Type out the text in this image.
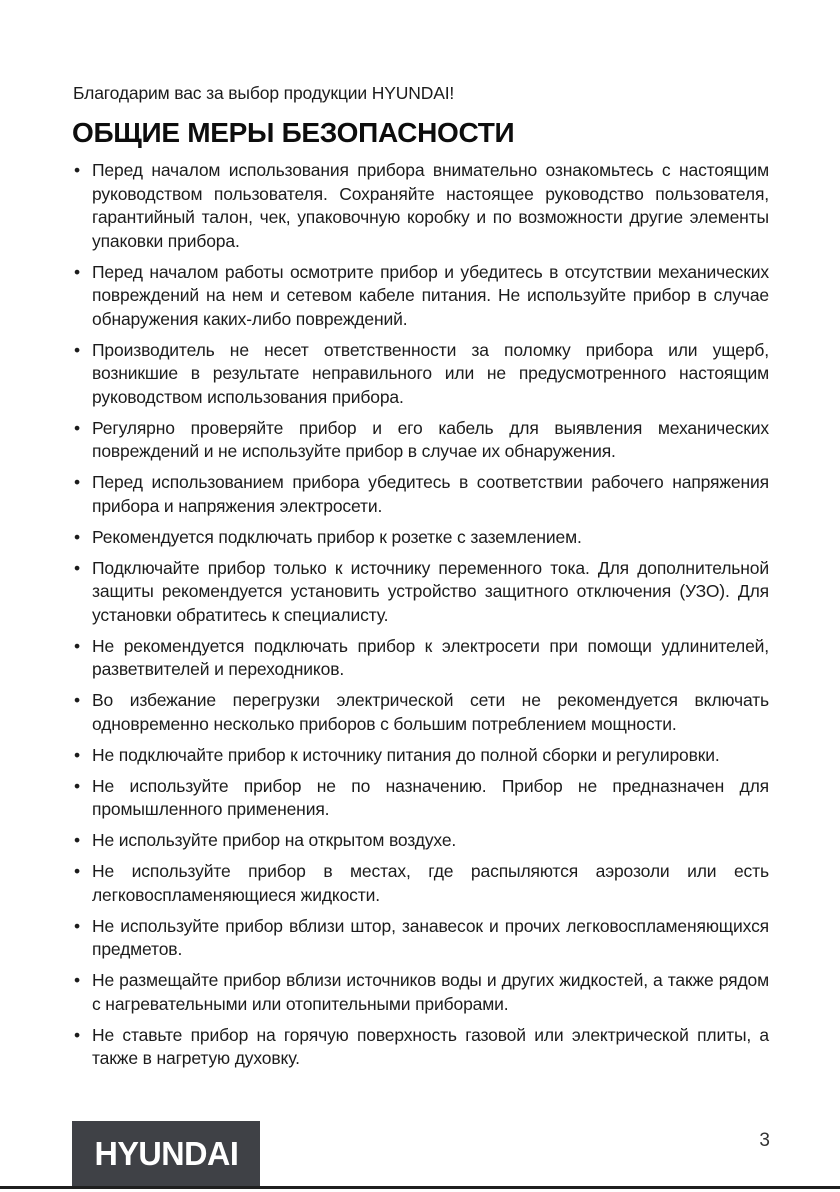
Благодарим вас за выбор продукции HYUNDAI!

ОБЩИЕ МЕРЫ БЕЗОПАСНОСТИ
• Перед началом использования прибора внимательно ознакомьтесь с настоящим руководством пользователя. Сохраняйте настоящее руководство пользователя, гарантийный талон, чек, упаковочную коробку и по возможности другие элементы упаковки прибора.
• Перед началом работы осмотрите прибор и убедитесь в отсутствии механических повреждений на нем и сетевом кабеле питания. Не используйте прибор в случае обнаружения каких-либо повреждений.
• Производитель не несет ответственности за поломку прибора или ущерб, возникшие в результате неправильного или не предусмотренного настоящим руководством использования прибора.
• Регулярно проверяйте прибор и его кабель для выявления механических повреждений и не используйте прибор в случае их обнаружения.
• Перед использованием прибора убедитесь в соответствии рабочего напряжения прибора и напряжения электросети.
• Рекомендуется подключать прибор к розетке с заземлением.
• Подключайте прибор только к источнику переменного тока. Для дополнительной защиты рекомендуется установить устройство защитного отключения (УЗО). Для установки обратитесь к специалисту.
• Не рекомендуется подключать прибор к электросети при помощи удлинителей, разветвителей и переходников.
• Во избежание перегрузки электрической сети не рекомендуется включать одновременно несколько приборов с большим потреблением мощности.
• Не подключайте прибор к источнику питания до полной сборки и регулировки.
• Не используйте прибор не по назначению. Прибор не предназначен для промышленного применения.
• Не используйте прибор на открытом воздухе.
• Не используйте прибор в местах, где распыляются аэрозоли или есть легковоспламеняющиеся жидкости.
• Не используйте прибор вблизи штор, занавесок и прочих легковоспламеняющихся предметов.
• Не размещайте прибор вблизи источников воды и других жидкостей, а также рядом с нагревательными или отопительными приборами.
• Не ставьте прибор на горячую поверхность газовой или электрической плиты, а также в нагретую духовку.
HYUNDAI	3
